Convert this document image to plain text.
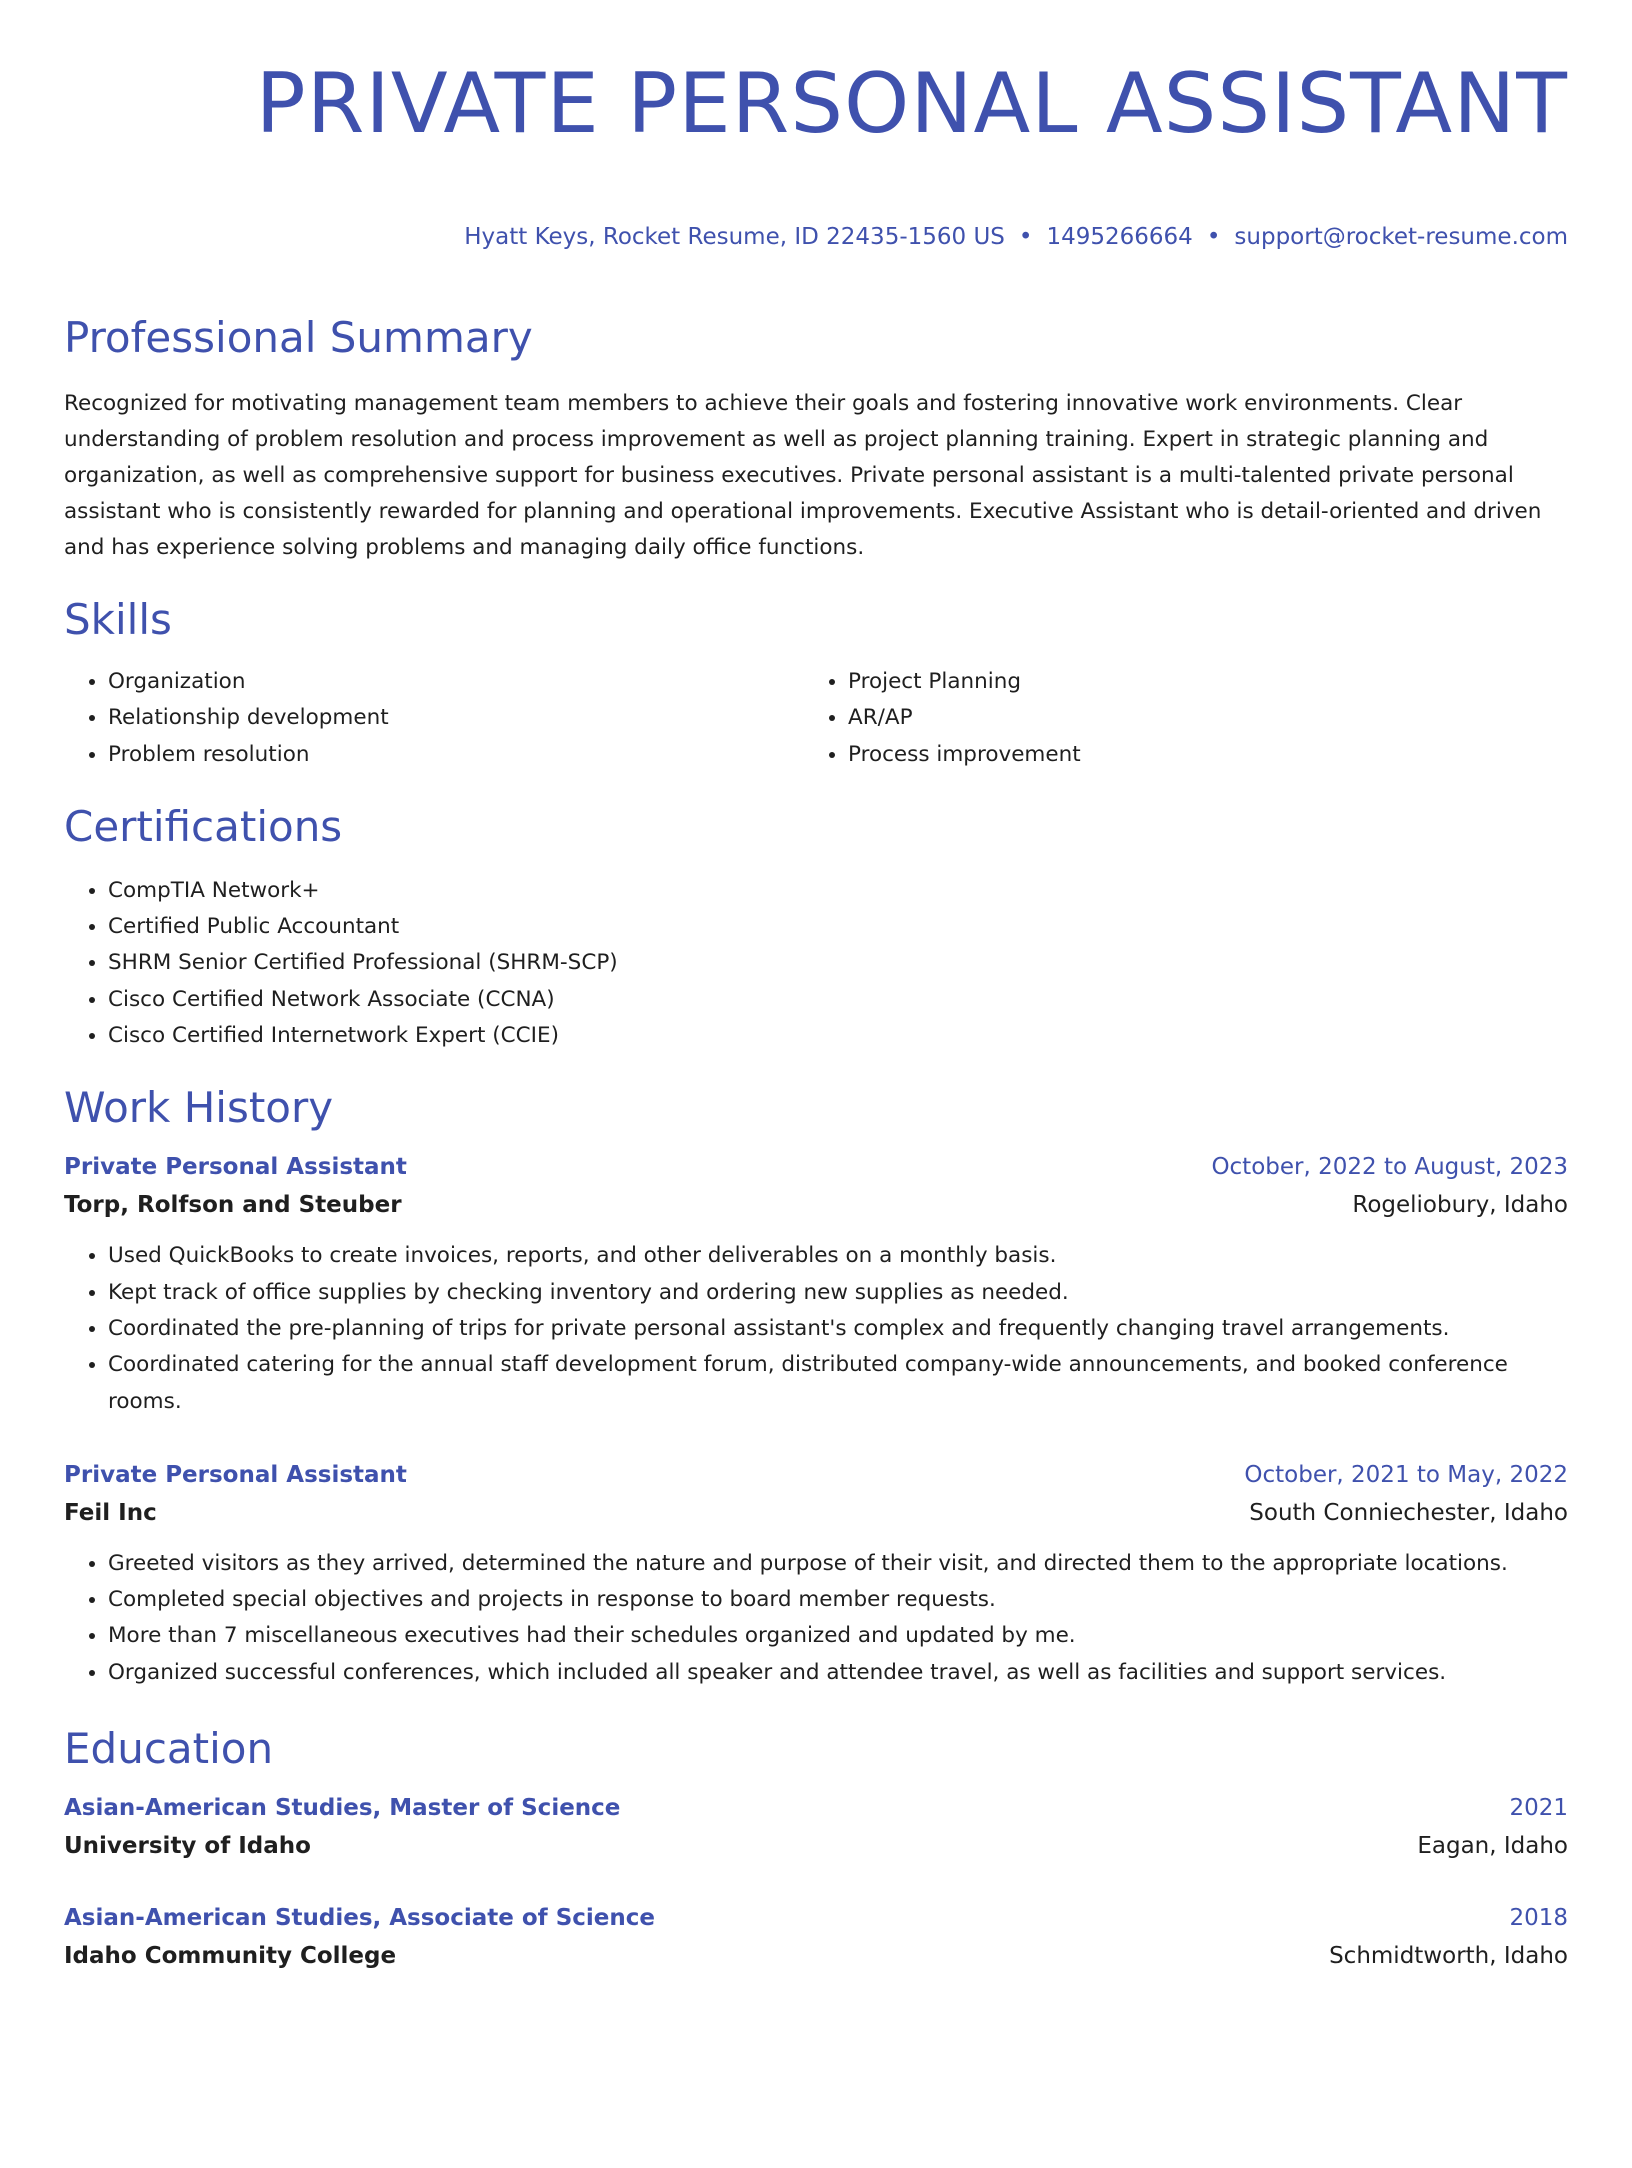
PRIVATE PERSONAL ASSISTANT
Hyatt Keys, Rocket Resume, ID 22435-1560 US • 1495266664 • support@rocket-resume.com
Professional Summary

Recognized for motivating management team members to achieve their goals and fostering innovative work environments. Clear understanding of problem resolution and process improvement as well as project planning training. Expert in strategic planning and organization, as well as comprehensive support for business executives. Private personal assistant is a multi-talented private personal assistant who is consistently rewarded for planning and operational improvements. Executive Assistant who is detail-oriented and driven and has experience solving problems and managing daily office functions.

Skills
• Organization
• Relationship development
• Problem resolution
• Project Planning
• AR/AP
• Process improvement
Certifications
• CompTIA Network+
• Certified Public Accountant
• SHRM Senior Certified Professional (SHRM-SCP)
• Cisco Certified Network Associate (CCNA)
• Cisco Certified Internetwork Expert (CCIE)
Work History
Private Personal Assistant	October, 2022 to August, 2023
Torp, Rolfson and Steuber	Rogeliobury, Idaho
• Used QuickBooks to create invoices, reports, and other deliverables on a monthly basis.
• Kept track of office supplies by checking inventory and ordering new supplies as needed.
• Coordinated the pre-planning of trips for private personal assistant's complex and frequently changing travel arrangements.
• Coordinated catering for the annual staff development forum, distributed company-wide announcements, and booked conference rooms.
Private Personal Assistant	October, 2021 to May, 2022
Feil Inc	South Conniechester, Idaho
• Greeted visitors as they arrived, determined the nature and purpose of their visit, and directed them to the appropriate locations.
• Completed special objectives and projects in response to board member requests.
• More than 7 miscellaneous executives had their schedules organized and updated by me.
• Organized successful conferences, which included all speaker and attendee travel, as well as facilities and support services.
Education
Asian-American Studies, Master of Science	2021
University of Idaho	Eagan, Idaho
Asian-American Studies, Associate of Science	2018
Idaho Community College	Schmidtworth, Idaho
